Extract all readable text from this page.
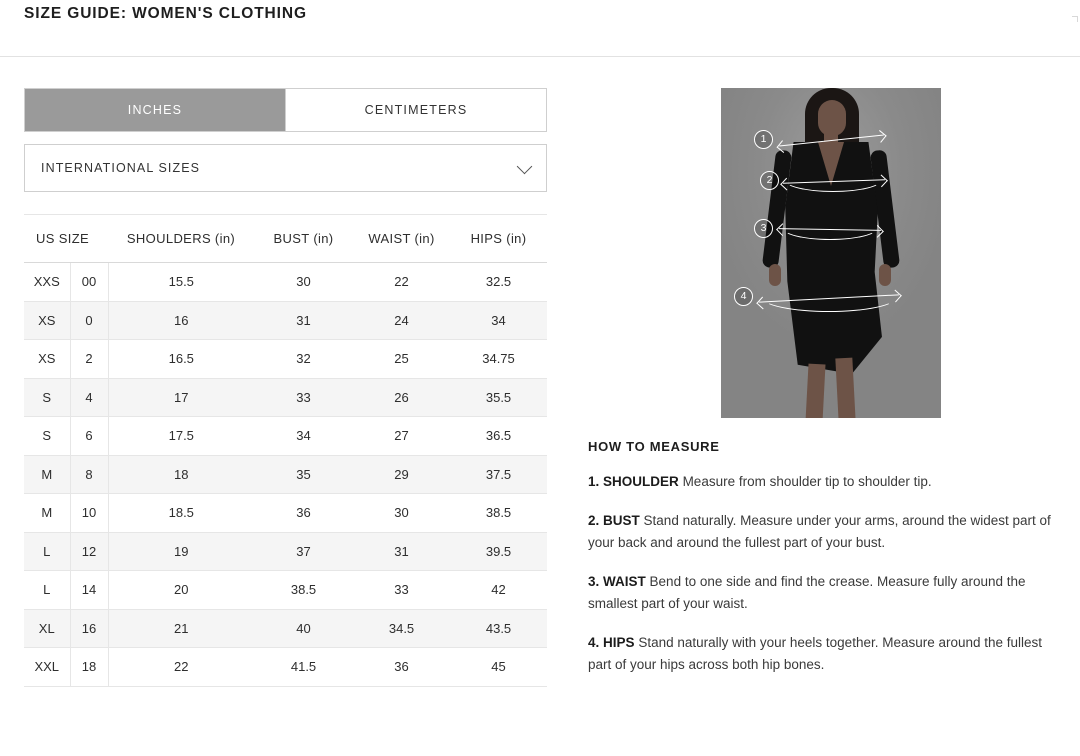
SIZE GUIDE: WOMEN'S CLOTHING
INCHES	CENTIMETERS
INTERNATIONAL SIZES
US SIZE		SHOULDERS (in)	BUST (in)	WAIST (in)	HIPS (in)
XXS	00	15.5	30	22	32.5
XS	0	16	31	24	34
XS	2	16.5	32	25	34.75
S	4	17	33	26	35.5
S	6	17.5	34	27	36.5
M	8	18	35	29	37.5
M	10	18.5	36	30	38.5
L	12	19	37	31	39.5
L	14	20	38.5	33	42
XL	16	21	40	34.5	43.5
XXL	18	22	41.5	36	45
1
2
3
4
HOW TO MEASURE
1. SHOULDER Measure from shoulder tip to shoulder tip.
2. BUST Stand naturally. Measure under your arms, around the widest part of your back and around the fullest part of your bust.
3. WAIST Bend to one side and find the crease. Measure fully around the smallest part of your waist.
4. HIPS Stand naturally with your heels together. Measure around the fullest part of your hips across both hip bones.
